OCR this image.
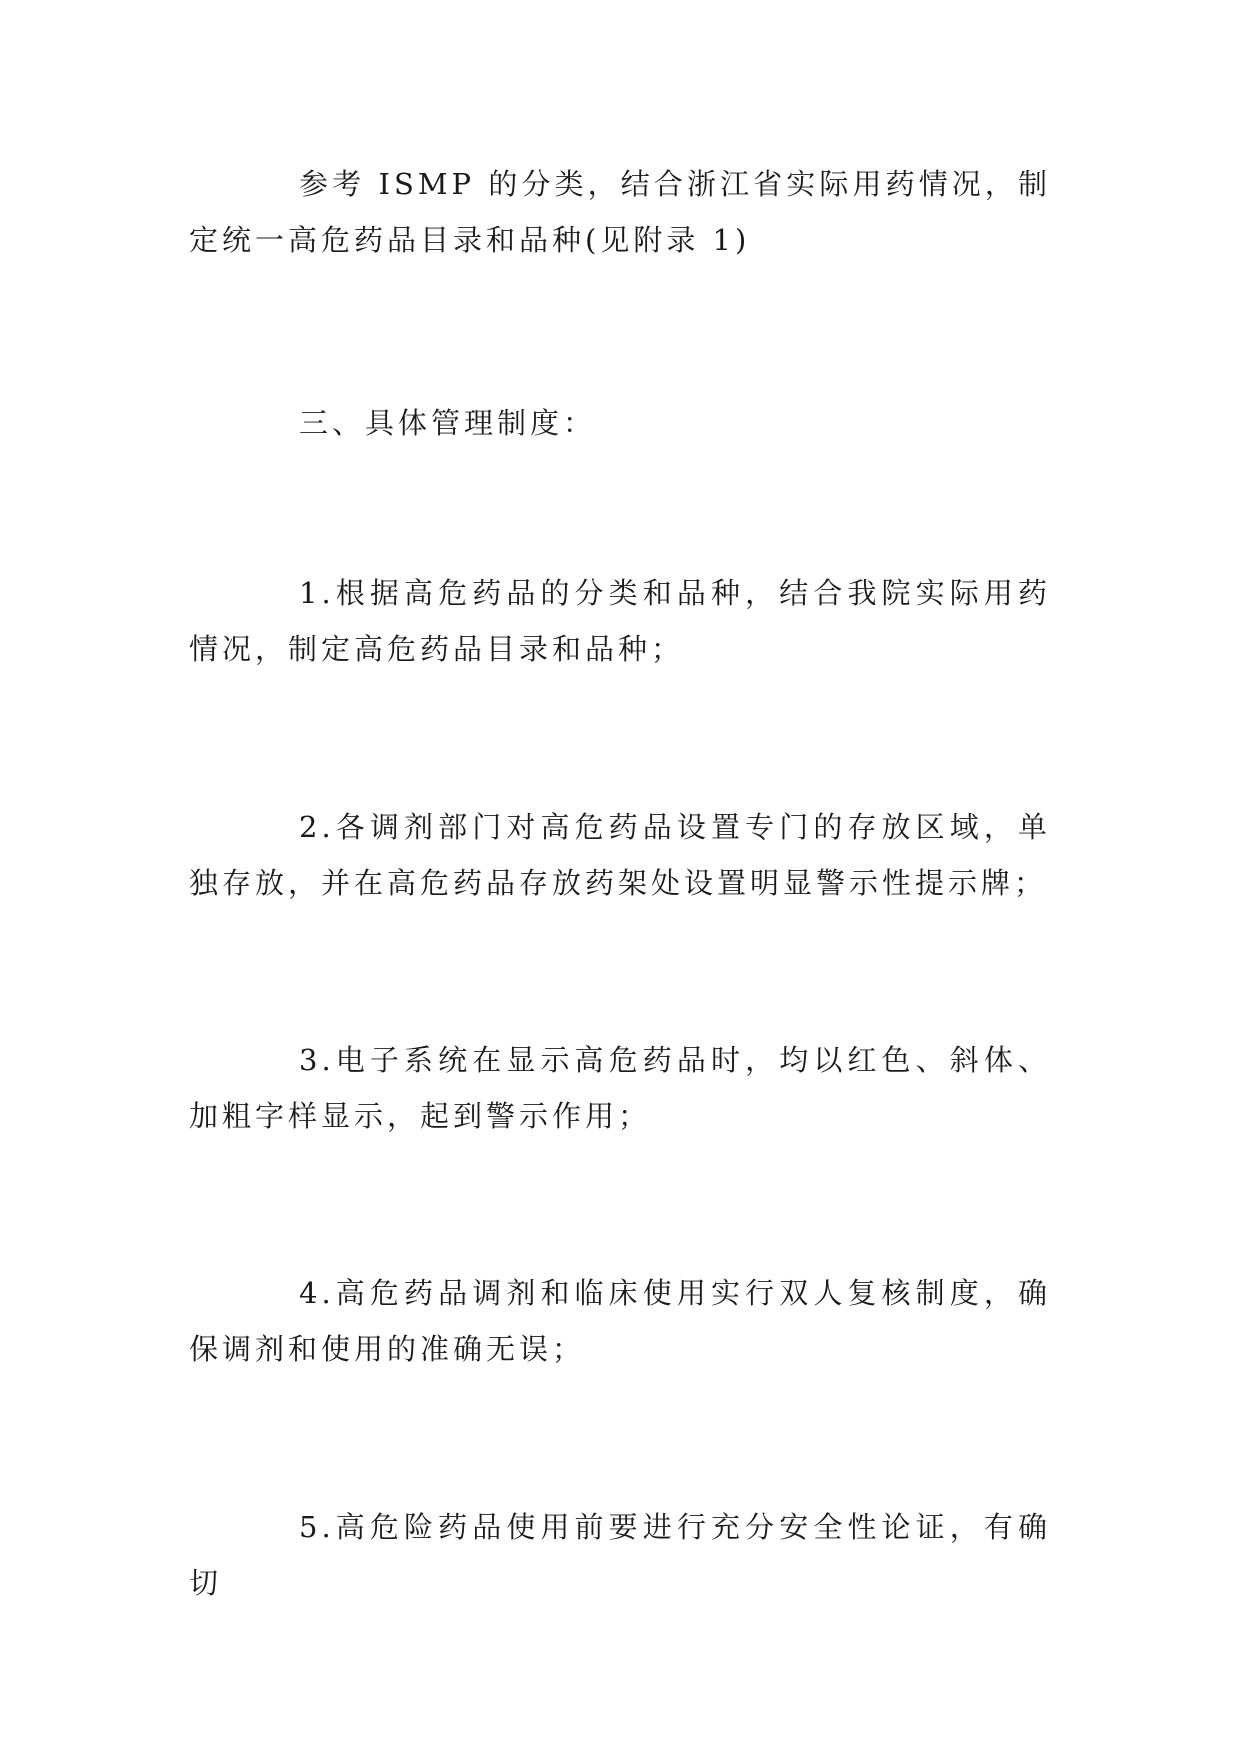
参考 ISMP 的分类，结合浙江省实际用药情况，制定统一高危药品目录和品种(见附录 1)

三、具体管理制度：

1.根据高危药品的分类和品种，结合我院实际用药情况，制定高危药品目录和品种；

2.各调剂部门对高危药品设置专门的存放区域，单独存放，并在高危药品存放药架处设置明显警示性提示牌；

3.电子系统在显示高危药品时，均以红色、斜体、加粗字样显示，起到警示作用；

4.高危药品调剂和临床使用实行双人复核制度，确保调剂和使用的准确无误；

5.高危险药品使用前要进行充分安全性论证，有确切
